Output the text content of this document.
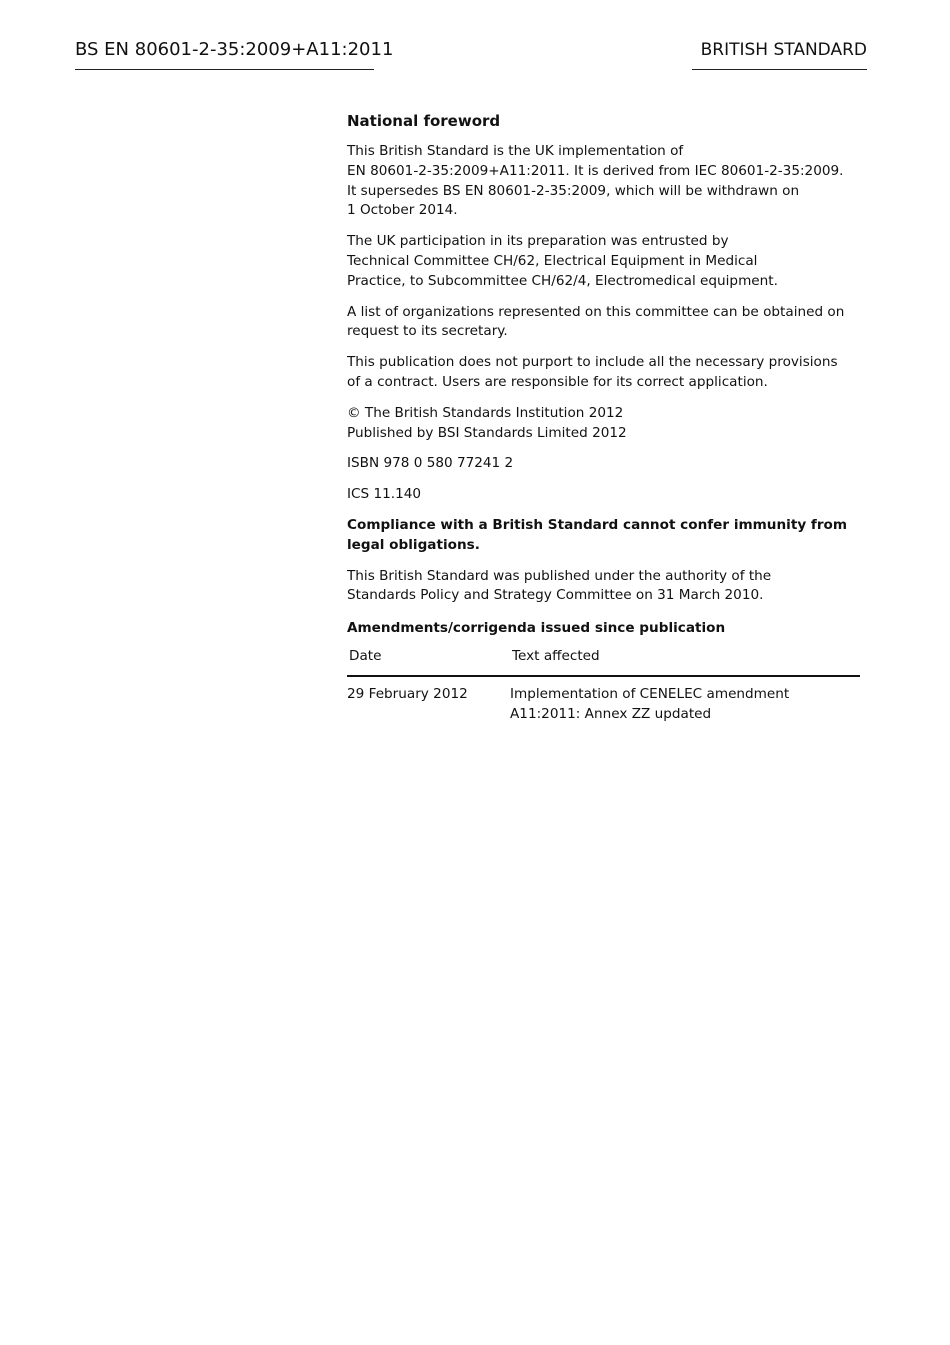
BS EN 80601-2-35:2009+A11:2011	BRITISH STANDARD
National foreword

This British Standard is the UK implementation of
EN 80601-2-35:2009+A11:2011. It is derived from IEC 80601-2-35:2009.
It supersedes BS EN 80601-2-35:2009, which will be withdrawn on
1 October 2014.

The UK participation in its preparation was entrusted by
Technical Committee CH/62, Electrical Equipment in Medical
Practice, to Subcommittee CH/62/4, Electromedical equipment.

A list of organizations represented on this committee can be obtained on
request to its secretary.

This publication does not purport to include all the necessary provisions
of a contract. Users are responsible for its correct application.

© The British Standards Institution 2012
Published by BSI Standards Limited 2012

ISBN 978 0 580 77241 2

ICS 11.140

Compliance with a British Standard cannot confer immunity from
legal obligations.

This British Standard was published under the authority of the
Standards Policy and Strategy Committee on 31 March 2010.

Amendments/corrigenda issued since publication
Date	Text affected
29 February 2012	Implementation of CENELEC amendment
A11:2011: Annex ZZ updated
